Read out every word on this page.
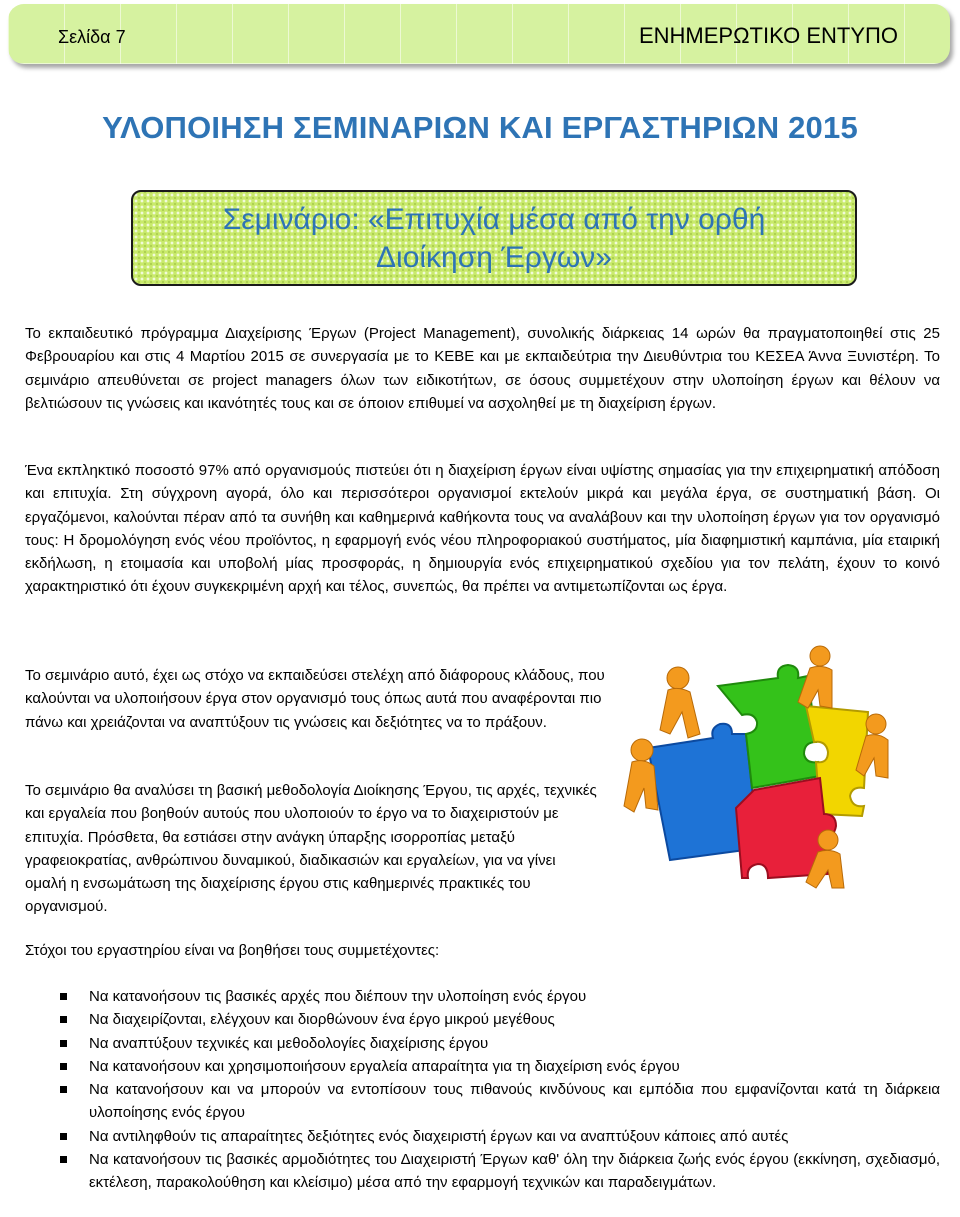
Σελίδα 7	ΕΝΗΜΕΡΩΤΙΚΟ ΕΝΤΥΠΟ
ΥΛΟΠΟΙΗΣΗ ΣΕΜΙΝΑΡΙΩΝ ΚΑΙ ΕΡΓΑΣΤΗΡΙΩΝ 2015
Σεμινάριο: «Επιτυχία μέσα από την ορθή
Διοίκηση Έργων»

Το εκπαιδευτικό πρόγραμμα Διαχείρισης Έργων (Project Management), συνολικής διάρκειας 14 ωρών θα πραγματοποιηθεί στις 25 Φεβρουαρίου και στις 4 Μαρτίου 2015 σε συνεργασία με το ΚΕΒΕ και με εκπαιδεύτρια την Διευθύντρια του ΚΕΣΕΑ Άννα Ξυνιστέρη. Το σεμινάριο απευθύνεται σε project managers όλων των ειδικοτήτων, σε όσους συμμετέχουν στην υλοποίηση έργων και θέλουν να βελτιώσουν τις γνώσεις και ικανότητές τους και σε όποιον επιθυμεί να ασχοληθεί με τη διαχείριση έργων.

Ένα εκπληκτικό ποσοστό 97% από οργανισμούς πιστεύει ότι η διαχείριση έργων είναι υψίστης σημασίας για την επιχειρηματική απόδοση και επιτυχία. Στη σύγχρονη αγορά, όλο και περισσότεροι οργανισμοί εκτελούν μικρά και μεγάλα έργα, σε συστηματική βάση. Οι εργαζόμενοι, καλούνται πέραν από τα συνήθη και καθημερινά καθήκοντα τους να αναλάβουν και την υλοποίηση έργων για τον οργανισμό τους: Η δρομολόγηση ενός νέου προϊόντος, η εφαρμογή ενός νέου πληροφοριακού συστήματος, μία διαφημιστική καμπάνια, μία εταιρική εκδήλωση, η ετοιμασία και υποβολή μίας προσφοράς, η δημιουργία ενός επιχειρηματικού σχεδίου για τον πελάτη, έχουν το κοινό χαρακτηριστικό ότι έχουν συγκεκριμένη αρχή και τέλος, συνεπώς, θα πρέπει να αντιμετωπίζονται ως έργα.

Το σεμινάριο αυτό, έχει ως στόχο να εκπαιδεύσει στελέχη από διάφορους κλάδους, που καλούνται να υλοποιήσουν έργα στον οργανισμό τους όπως αυτά που αναφέρονται πιο πάνω και χρειάζονται να αναπτύξουν τις γνώσεις και δεξιότητες να το πράξουν.

Το σεμινάριο θα αναλύσει τη βασική μεθοδολογία Διοίκησης Έργου, τις αρχές, τεχνικές και εργαλεία που βοηθούν αυτούς που υλοποιούν το έργο να το διαχειριστούν με επιτυχία. Πρόσθετα, θα εστιάσει στην ανάγκη ύπαρξης ισορροπίας μεταξύ γραφειοκρατίας, ανθρώπινου δυναμικού, διαδικασιών και εργαλείων, για να γίνει ομαλή η ενσωμάτωση της διαχείρισης έργου στις καθημερινές πρακτικές του οργανισμού.

Στόχοι του εργαστηρίου είναι να βοηθήσει τους συμμετέχοντες:

Να κατανοήσουν τις βασικές αρχές που διέπουν την υλοποίηση ενός έργου
Να διαχειρίζονται, ελέγχουν και διορθώνουν ένα έργο μικρού μεγέθους
Να αναπτύξουν τεχνικές και μεθοδολογίες διαχείρισης έργου
Να κατανοήσουν και χρησιμοποιήσουν εργαλεία απαραίτητα για τη διαχείριση ενός έργου
Να κατανοήσουν και να μπορούν να εντοπίσουν τους πιθανούς κινδύνους και εμπόδια που εμφανίζονται κατά τη διάρκεια υλοποίησης ενός έργου
Να αντιληφθούν τις απαραίτητες δεξιότητες ενός διαχειριστή έργων και να αναπτύξουν κάποιες από αυτές
Να κατανοήσουν τις βασικές αρμοδιότητες του Διαχειριστή Έργων καθ' όλη την διάρκεια ζωής ενός έργου (εκκίνηση, σχεδιασμό, εκτέλεση, παρακολούθηση και κλείσιμο) μέσα από την εφαρμογή τεχνικών και παραδειγμάτων.
